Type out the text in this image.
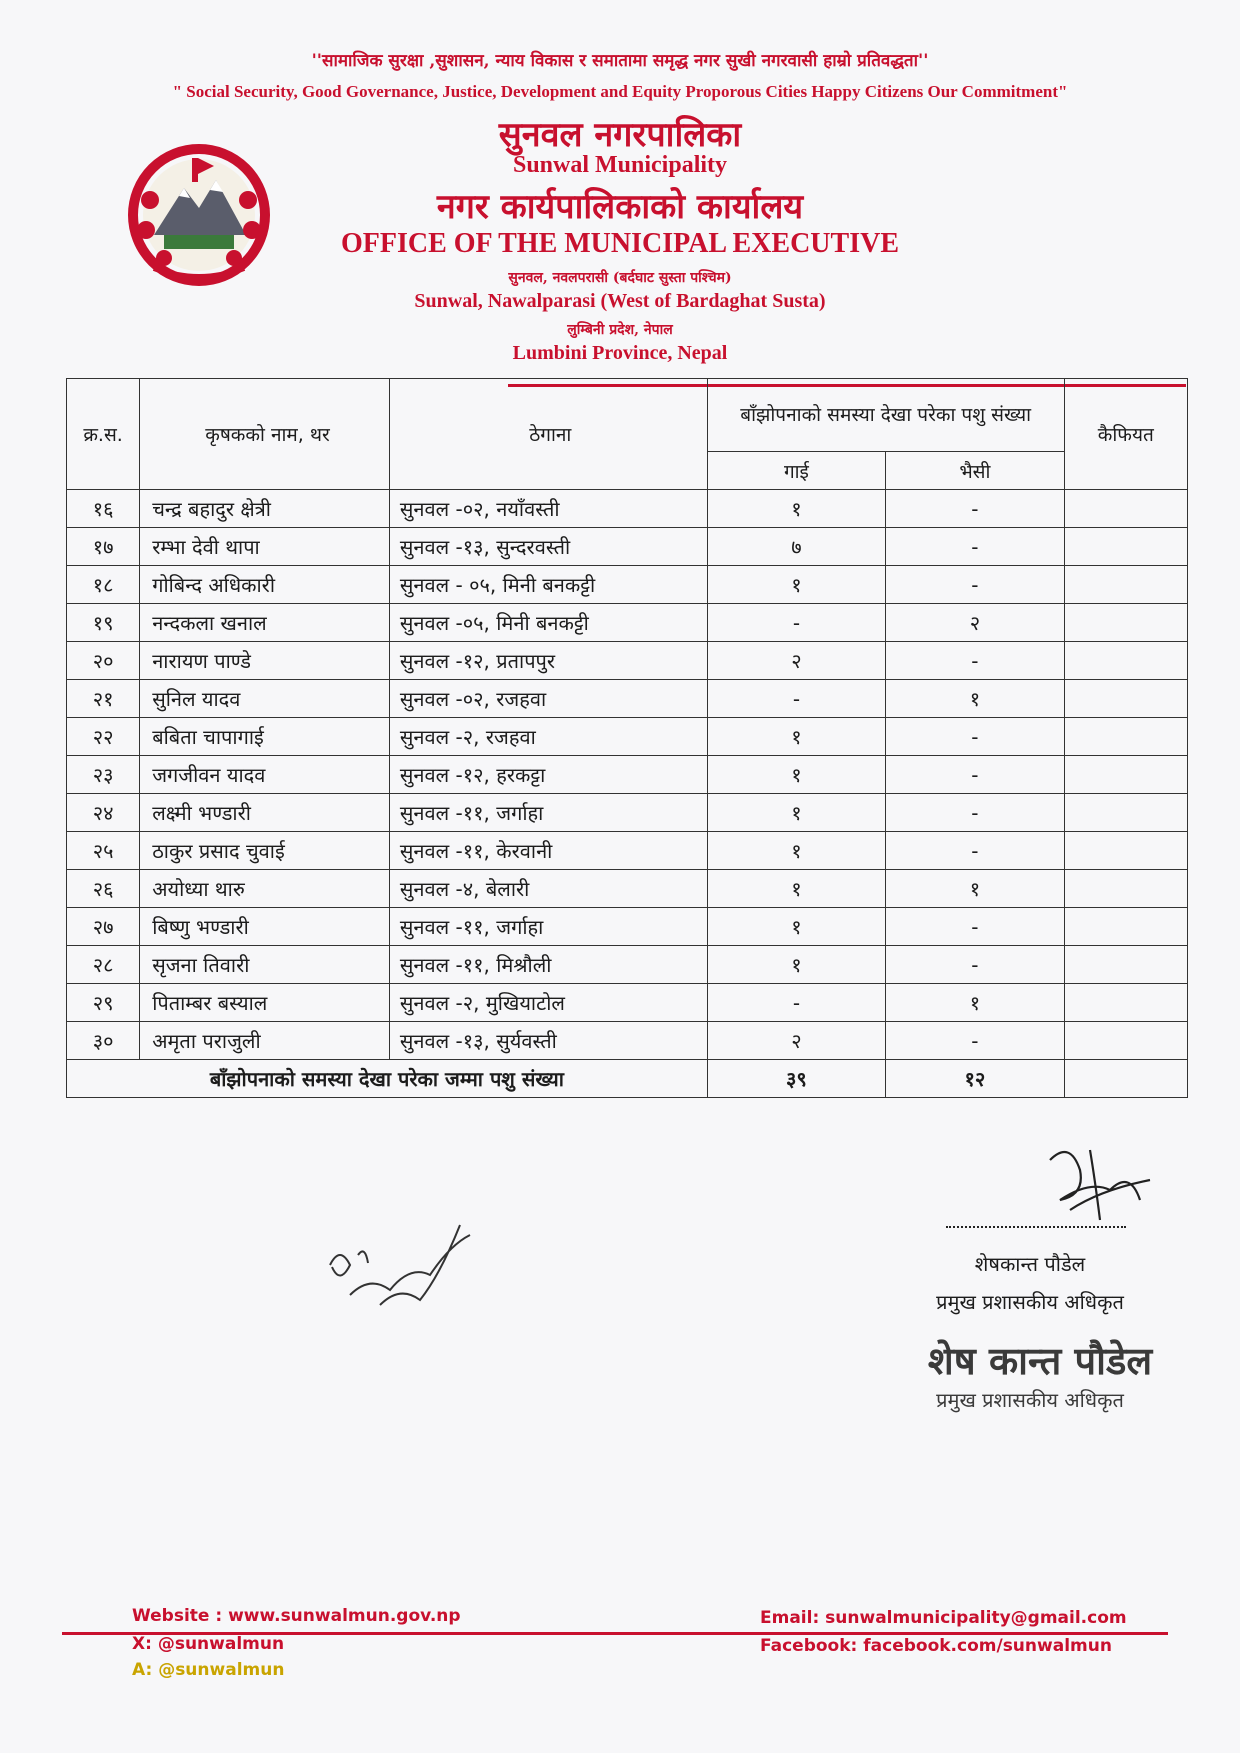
''सामाजिक सुरक्षा ,सुशासन, न्याय विकास र समातामा समृद्ध नगर सुखी नगरवासी हाम्रो प्रतिवद्धता''
" Social Security, Good Governance, Justice, Development and Equity Proporous Cities Happy Citizens Our Commitment"
सुनवल नगरपालिका
Sunwal Municipality
नगर कार्यपालिकाको कार्यालय
OFFICE OF THE MUNICIPAL EXECUTIVE
सुनवल, नवलपरासी (बर्दघाट सुस्ता पश्चिम)
Sunwal, Nawalparasi (West of Bardaghat Susta)
लुम्बिनी प्रदेश, नेपाल
Lumbini Province, Nepal
क्र.स.	कृषकको नाम, थर	ठेगाना	बाँझोपनाको समस्या देखा परेका पशु संख्या		कैफियत
			गाई	भैसी	
१६	चन्द्र बहादुर क्षेत्री	सुनवल -०२, नयाँवस्ती	१	-	
१७	रम्भा देवी थापा	सुनवल -१३, सुन्दरवस्ती	७	-	
१८	गोबिन्द अधिकारी	सुनवल - ०५, मिनी बनकट्टी	१	-	
१९	नन्दकला खनाल	सुनवल -०५, मिनी बनकट्टी	-	२	
२०	नारायण पाण्डे	सुनवल -१२, प्रतापपुर	२	-	
२१	सुनिल यादव	सुनवल -०२, रजहवा	-	१	
२२	बबिता चापागाई	सुनवल -२, रजहवा	१	-	
२३	जगजीवन यादव	सुनवल -१२, हरकट्टा	१	-	
२४	लक्ष्मी भण्डारी	सुनवल -११, जर्गाहा	१	-	
२५	ठाकुर प्रसाद चुवाई	सुनवल -११, केरवानी	१	-	
२६	अयोध्या थारु	सुनवल -४, बेलारी	१	१	
२७	बिष्णु भण्डारी	सुनवल -११, जर्गाहा	१	-	
२८	सृजना तिवारी	सुनवल -११, मिश्रौली	१	-	
२९	पिताम्बर बस्याल	सुनवल -२, मुखियाटोल	-	१	
३०	अमृता पराजुली	सुनवल -१३, सुर्यवस्ती	२	-	
बाँझोपनाको समस्या देखा परेका जम्मा पशु संख्या			३९	१२	
शेषकान्त पौडेल
प्रमुख प्रशासकीय अधिकृत
शेष कान्त पौडेल
प्रमुख प्रशासकीय अधिकृत
Website : www.sunwalmun.gov.np
X: @sunwalmun
A: @sunwalmun
Email: sunwalmunicipality@gmail.com
Facebook: facebook.com/sunwalmun
